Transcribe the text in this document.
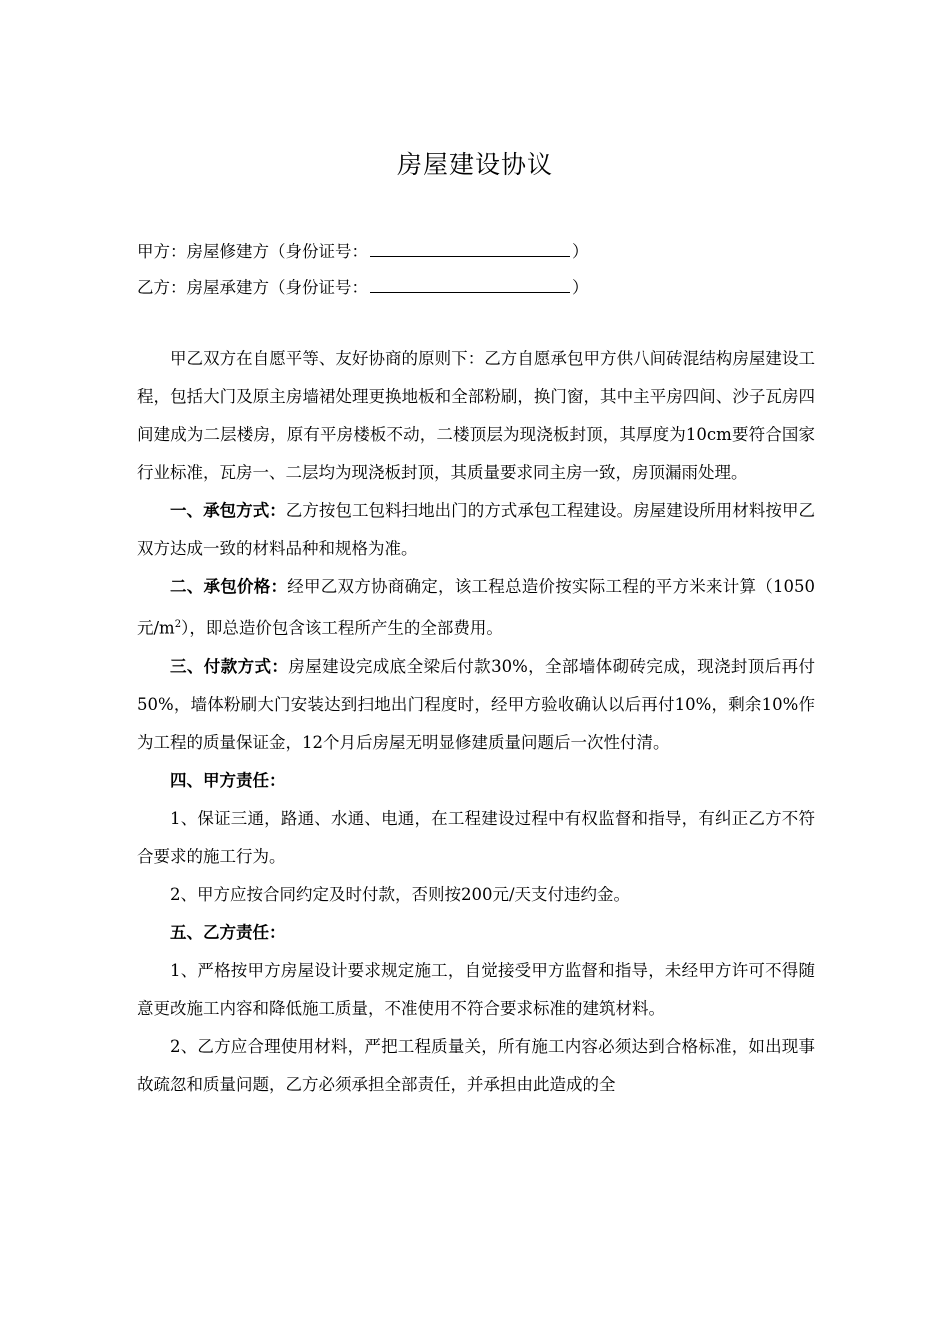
房屋建设协议
甲方：房屋修建方（身份证号：	）
乙方：房屋承建方（身份证号：	）

甲乙双方在自愿平等、友好协商的原则下：乙方自愿承包甲方供八间砖混结构房屋建设工程，包括大门及原主房墙裙处理更换地板和全部粉刷，换门窗，其中主平房四间、沙子瓦房四间建成为二层楼房，原有平房楼板不动，二楼顶层为现浇板封顶，其厚度为10cm要符合国家行业标准，瓦房一、二层均为现浇板封顶，其质量要求同主房一致，房顶漏雨处理。

一、承包方式：乙方按包工包料扫地出门的方式承包工程建设。房屋建设所用材料按甲乙双方达成一致的材料品种和规格为准。

二、承包价格：经甲乙双方协商确定，该工程总造价按实际工程的平方米来计算（1050元$/m^2$），即总造价包含该工程所产生的全部费用。

三、付款方式：房屋建设完成底全梁后付款30%，全部墙体砌砖完成，现浇封顶后再付50%，墙体粉刷大门安装达到扫地出门程度时，经甲方验收确认以后再付10%，剩余10%作为工程的质量保证金，12个月后房屋无明显修建质量问题后一次性付清。

四、甲方责任：

1、保证三通，路通、水通、电通，在工程建设过程中有权监督和指导，有纠正乙方不符合要求的施工行为。

2、甲方应按合同约定及时付款，否则按200元/天支付违约金。

五、乙方责任：

1、严格按甲方房屋设计要求规定施工，自觉接受甲方监督和指导，未经甲方许可不得随意更改施工内容和降低施工质量，不准使用不符合要求标准的建筑材料。

2、乙方应合理使用材料，严把工程质量关，所有施工内容必须达到合格标准，如出现事故疏忽和质量问题，乙方必须承担全部责任，并承担由此造成的全
